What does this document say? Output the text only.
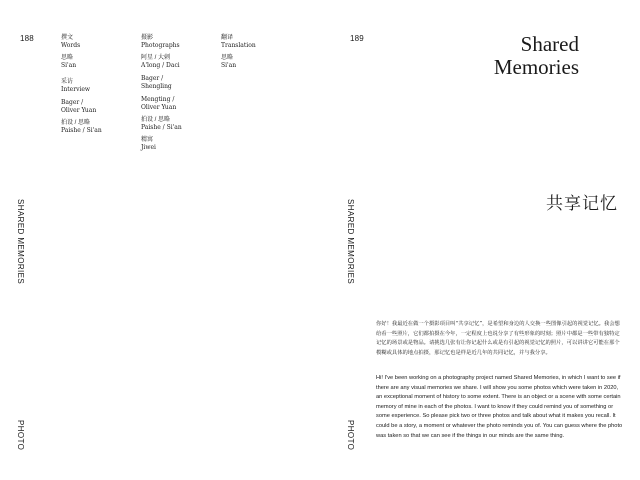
188	撰文
Words
思略
Si'an
采访
Interview
Bager /
Oliver Yuan
拍设 / 思略
Paishe / Si'an
摄影
Photographs
阿星 / 大刺
A'long / Daci
Bager /
Shengling
Mengting /
Oliver Yuan
拍设 / 思略
Paishe / Si'an
精寓
Jiwei
翻译
Translation
思略
Si'an
SHARED MEMORIES
PHOTO
189	Shared
Memories
SHARED MEMORIES
PHOTO
共享记忆

你好！我最近在做一个摄影项目叫“共享记忆”，是希望和身边的人交换一些图像引起的视觉记忆。我会想给看一些照片，它们都拍摄在今年，一定程度上也说分享了有些形象的时刻；照片中都是一些带有独特定记忆的场景或是物品。请挑选几张有让你记起什么或是有引起的视觉记忆的照片，可以讲讲它可能在那个模糊或具体的地点拍摄，那记忆也是样是近几年的共同记忆，并与我分享。

Hi! I've been working on a photography project named Shared Memories, in which I want to see if there are any visual memories we share. I will show you some photos which were taken in 2020, an exceptional moment of history to some extent. There is an object or a scene with some certain memory of mine in each of the photos. I want to know if they could remind you of something or some experience. So please pick two or three photos and talk about what it makes you recall. It could be a story, a moment or whatever the photo reminds you of. You can guess where the photo was taken so that we can see if the things in our minds are the same thing.
